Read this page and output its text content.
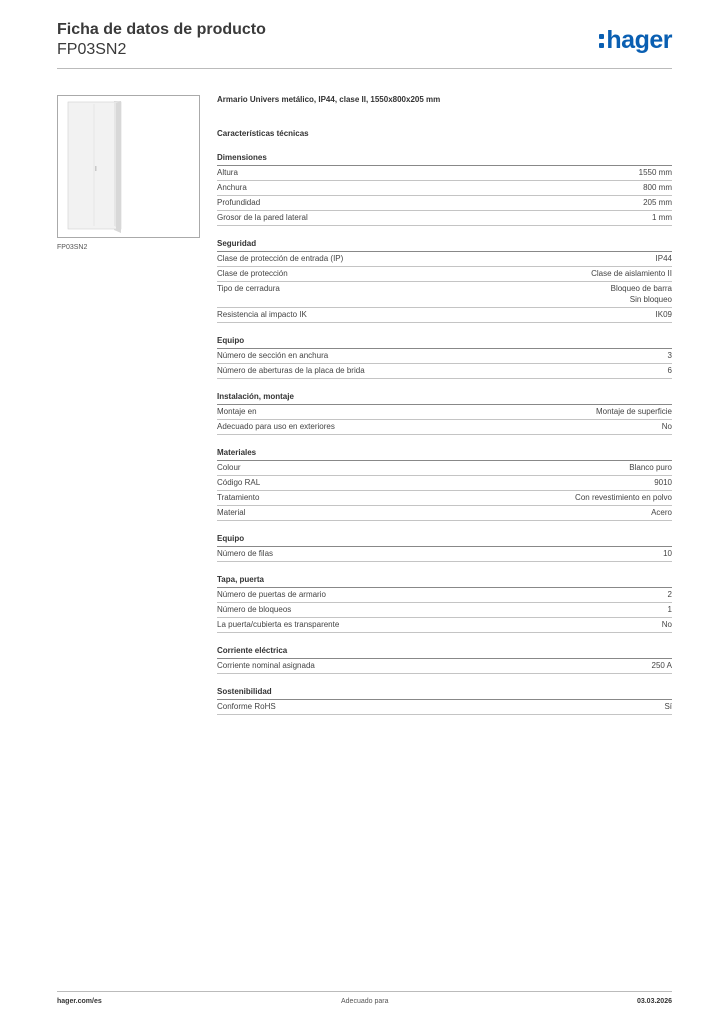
Ficha de datos de producto
FP03SN2	hager
FP03SN2
Armario Univers metálico, IP44, clase II, 1550x800x205 mm
Características técnicas
Dimensiones
Altura	1550 mm
Anchura	800 mm
Profundidad	205 mm
Grosor de la pared lateral	1 mm
Seguridad
Clase de protección de entrada (IP)	IP44
Clase de protección	Clase de aislamiento II
Tipo de cerradura	Bloqueo de barra
Sin bloqueo
Resistencia al impacto IK	IK09
Equipo
Número de sección en anchura	3
Número de aberturas de la placa de brida	6
Instalación, montaje
Montaje en	Montaje de superficie
Adecuado para uso en exteriores	No
Materiales
Colour	Blanco puro
Código RAL	9010
Tratamiento	Con revestimiento en polvo
Material	Acero
Equipo
Número de filas	10
Tapa, puerta
Número de puertas de armario	2
Número de bloqueos	1
La puerta/cubierta es transparente	No
Corriente eléctrica
Corriente nominal asignada	250 A
Sostenibilidad
Conforme RoHS	Sí
hager.com/es	Adecuado para	03.03.2026
